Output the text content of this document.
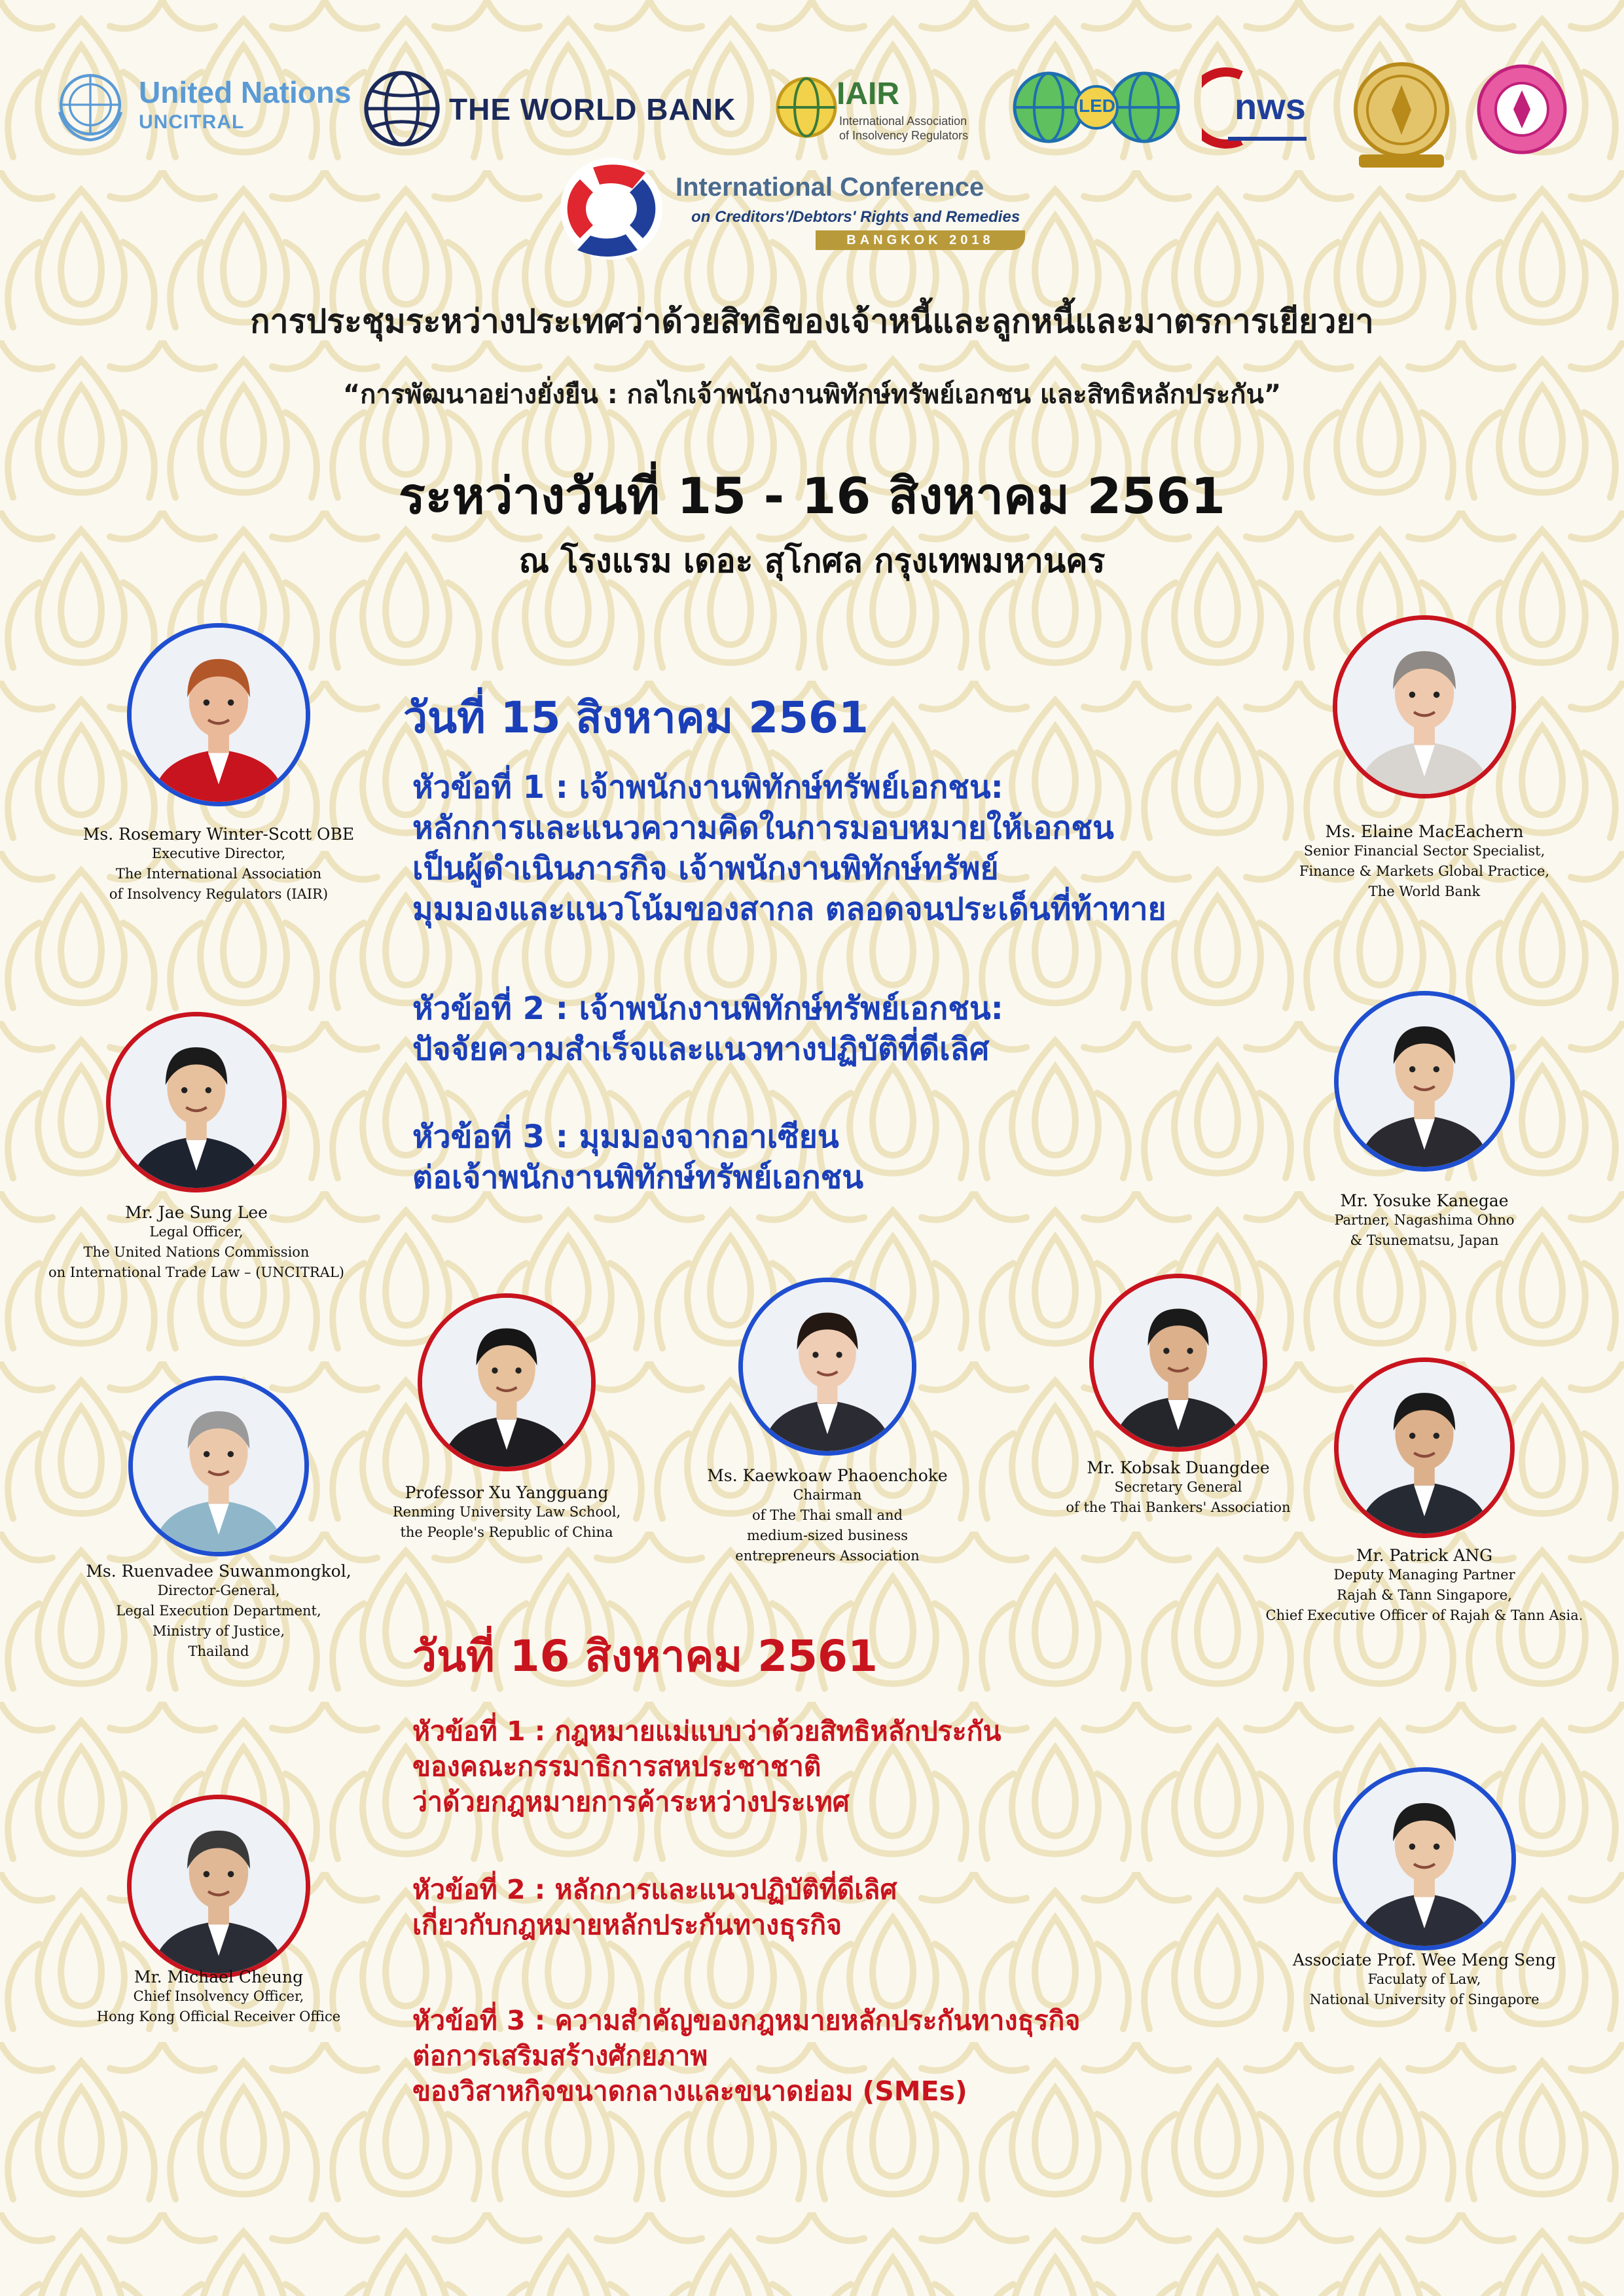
United Nations
UNCITRAL	THE WORLD BANK	IAIR
International Association
of Insolvency Regulators
LED	nws
International Conference
on Creditors'/Debtors' Rights and Remedies
BANGKOK 2018
การประชุมระหว่างประเทศว่าด้วยสิทธิของเจ้าหนี้และลูกหนี้และมาตรการเยียวยา
“การพัฒนาอย่างยั่งยืน : กลไกเจ้าพนักงานพิทักษ์ทรัพย์เอกชน และสิทธิหลักประกัน”
ระหว่างวันที่ 15 - 16 สิงหาคม 2561
ณ โรงแรม เดอะ สุโกศล กรุงเทพมหานคร
วันที่ 15 สิงหาคม 2561
หัวข้อที่ 1 : เจ้าพนักงานพิทักษ์ทรัพย์เอกชน:
หลักการและแนวความคิดในการมอบหมายให้เอกชน
เป็นผู้ดำเนินภารกิจ เจ้าพนักงานพิทักษ์ทรัพย์
มุมมองและแนวโน้มของสากล ตลอดจนประเด็นที่ท้าทาย
หัวข้อที่ 2 : เจ้าพนักงานพิทักษ์ทรัพย์เอกชน:
ปัจจัยความสำเร็จและแนวทางปฏิบัติที่ดีเลิศ
หัวข้อที่ 3 : มุมมองจากอาเซียน
ต่อเจ้าพนักงานพิทักษ์ทรัพย์เอกชน
วันที่ 16 สิงหาคม 2561
หัวข้อที่ 1 : กฎหมายแม่แบบว่าด้วยสิทธิหลักประกัน
ของคณะกรรมาธิการสหประชาชาติ
ว่าด้วยกฎหมายการค้าระหว่างประเทศ
หัวข้อที่ 2 : หลักการและแนวปฏิบัติที่ดีเลิศ
เกี่ยวกับกฎหมายหลักประกันทางธุรกิจ
หัวข้อที่ 3 : ความสำคัญของกฎหมายหลักประกันทางธุรกิจ
ต่อการเสริมสร้างศักยภาพ
ของวิสาหกิจขนาดกลางและขนาดย่อม (SMEs)
Ms. Rosemary Winter-Scott OBE
Executive Director,
The International Association
of Insolvency Regulators (IAIR)
Ms. Elaine MacEachern
Senior Financial Sector Specialist,
Finance & Markets Global Practice,
The World Bank
Mr. Jae Sung Lee
Legal Officer,
The United Nations Commission
on International Trade Law – (UNCITRAL)
Mr. Yosuke Kanegae
Partner, Nagashima Ohno
& Tsunematsu, Japan
Professor Xu Yangguang
Renming University Law School,
the People's Republic of China
Ms. Kaewkoaw Phaoenchoke
Chairman
of The Thai small and
medium-sized business
entrepreneurs Association
Mr. Kobsak Duangdee
Secretary General
of the Thai Bankers' Association
Ms. Ruenvadee Suwanmongkol,
Director-General,
Legal Execution Department,
Ministry of Justice,
Thailand
Mr. Patrick ANG
Deputy Managing Partner
Rajah & Tann Singapore,
Chief Executive Officer of Rajah & Tann Asia.
Mr. Michael Cheung
Chief Insolvency Officer,
Hong Kong Official Receiver Office
Associate Prof. Wee Meng Seng
Faculaty of Law,
National University of Singapore
